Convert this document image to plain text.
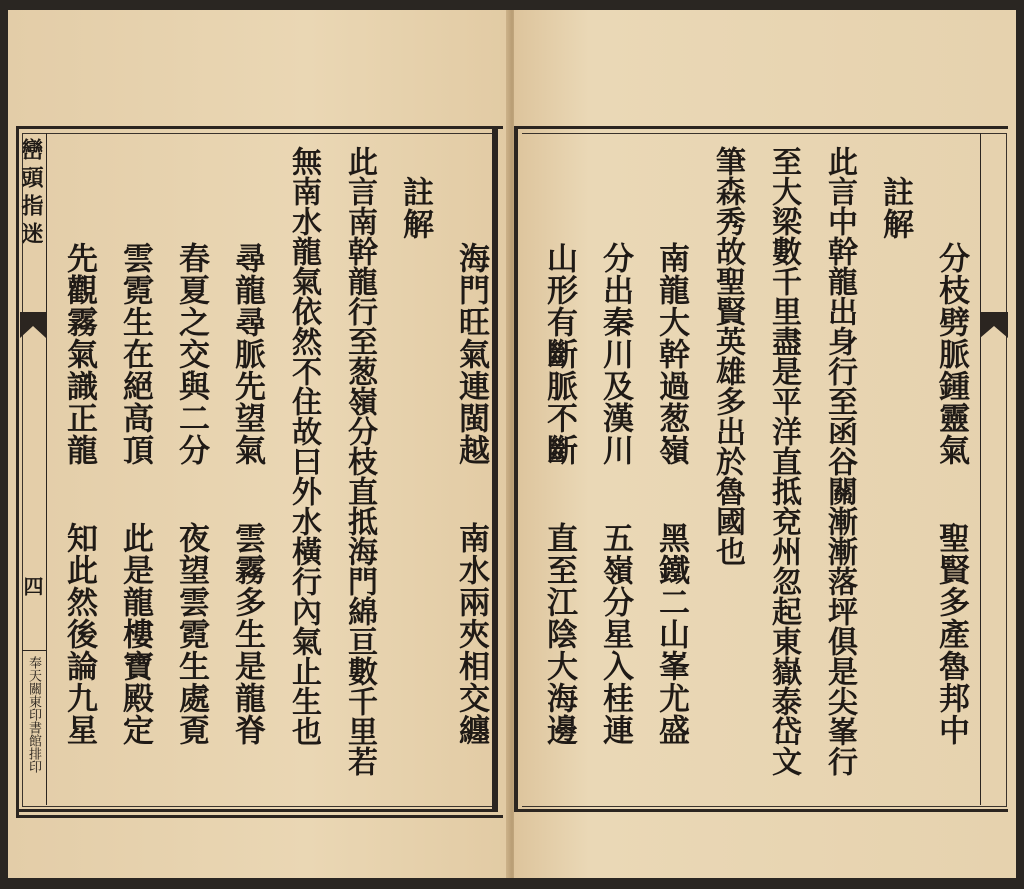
巒頭指迷
四
奉天關東印書館排印
海門旺氣連閩越
南水兩夾相交纏
註解
此言南幹龍行至葱嶺分枝直抵海門綿亘數千里若
無南水龍氣依然不住故曰外水橫行內氣止生也
尋龍尋脈先望氣
雲霧多生是龍脊
春夏之交與二分
夜望雲霓生處覔
雲霓生在絕高頂
此是龍樓寶殿定
先觀霧氣識正龍
知此然後論九星
分枝劈脈鍾靈氣
聖賢多產魯邦中
註解
此言中幹龍出身行至函谷關漸漸落坪俱是尖峯行
至大梁數千里盡是平洋直抵兗州忽起東嶽泰岱文
筆森秀故聖賢英雄多出於魯國也
南龍大幹過葱嶺
黑鐵二山峯尤盛
分出秦川及漢川
五嶺分星入桂連
山形有斷脈不斷
直至江陰大海邊
